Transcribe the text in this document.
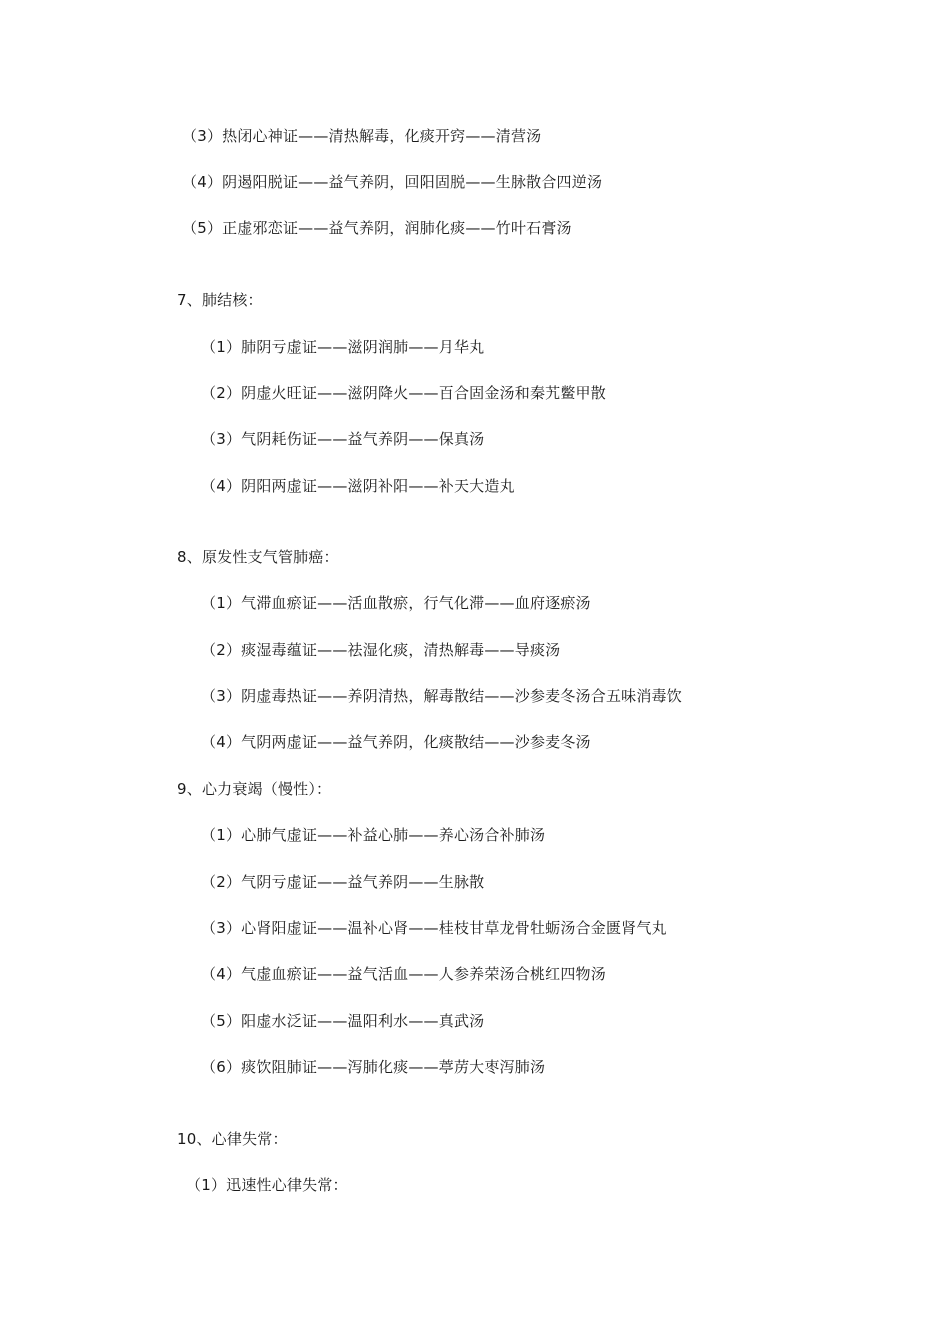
（3）热闭心神证——清热解毒，化痰开窍——清营汤
（4）阴遏阳脱证——益气养阴，回阳固脱——生脉散合四逆汤
（5）正虚邪恋证——益气养阴，润肺化痰——竹叶石膏汤
7、肺结核：
（1）肺阴亏虚证——滋阴润肺——月华丸
（2）阴虚火旺证——滋阴降火——百合固金汤和秦艽鳖甲散
（3）气阴耗伤证——益气养阴——保真汤
（4）阴阳两虚证——滋阴补阳——补天大造丸
8、原发性支气管肺癌：
（1）气滞血瘀证——活血散瘀，行气化滞——血府逐瘀汤
（2）痰湿毒蕴证——祛湿化痰，清热解毒——导痰汤
（3）阴虚毒热证——养阴清热，解毒散结——沙参麦冬汤合五味消毒饮
（4）气阴两虚证——益气养阴，化痰散结——沙参麦冬汤
9、心力衰竭（慢性）：
（1）心肺气虚证——补益心肺——养心汤合补肺汤
（2）气阴亏虚证——益气养阴——生脉散
（3）心肾阳虚证——温补心肾——桂枝甘草龙骨牡蛎汤合金匮肾气丸
（4）气虚血瘀证——益气活血——人参养荣汤合桃红四物汤
（5）阳虚水泛证——温阳利水——真武汤
（6）痰饮阻肺证——泻肺化痰——葶苈大枣泻肺汤
10、心律失常：
（1）迅速性心律失常：
